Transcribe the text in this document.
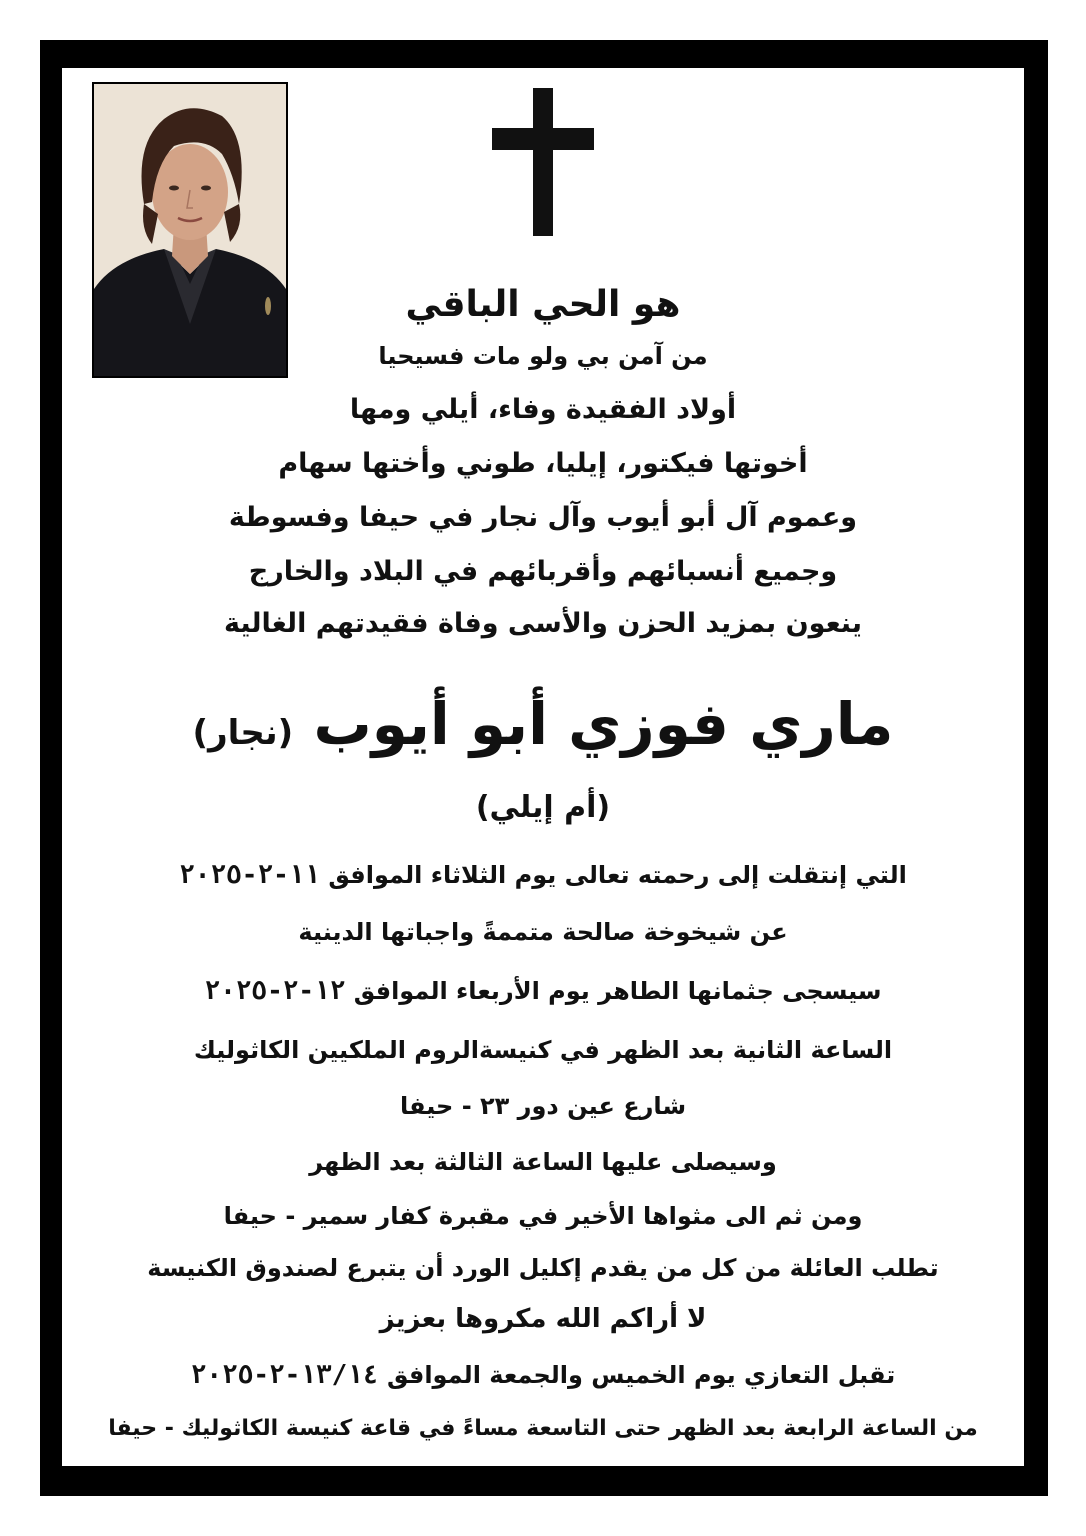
هو الحي الباقي
من آمن بي ولو مات فسيحيا
أولاد الفقيدة وفاء، أيلي ومها
أخوتها فيكتور، إيليا، طوني وأختها سهام
وعموم آل أبو أيوب وآل نجار في حيفا وفسوطة
وجميع أنسبائهم وأقربائهم في البلاد والخارج
ينعون بمزيد الحزن والأسى وفاة فقيدتهم الغالية
ماري فوزي أبو أيوب (نجار)
(أم إيلي)
التي إنتقلت إلى رحمته تعالى يوم الثلاثاء الموافق ١١-٢-٢٠٢٥
عن شيخوخة صالحة متممةً واجباتها الدينية
سيسجى جثمانها الطاهر يوم الأربعاء الموافق ١٢-٢-٢٠٢٥
الساعة الثانية بعد الظهر في كنيسةالروم الملكيين الكاثوليك
شارع عين دور ٢٣ - حيفا
وسيصلى عليها الساعة الثالثة بعد الظهر
ومن ثم الى مثواها الأخير في مقبرة كفار سمير - حيفا
تطلب العائلة من كل من يقدم إكليل الورد أن يتبرع لصندوق الكنيسة
لا أراكم الله مكروها بعزيز
تقبل التعازي يوم الخميس والجمعة الموافق ١٣/١٤-٢-٢٠٢٥
من الساعة الرابعة بعد الظهر حتى التاسعة مساءً في قاعة كنيسة الكاثوليك - حيفا
